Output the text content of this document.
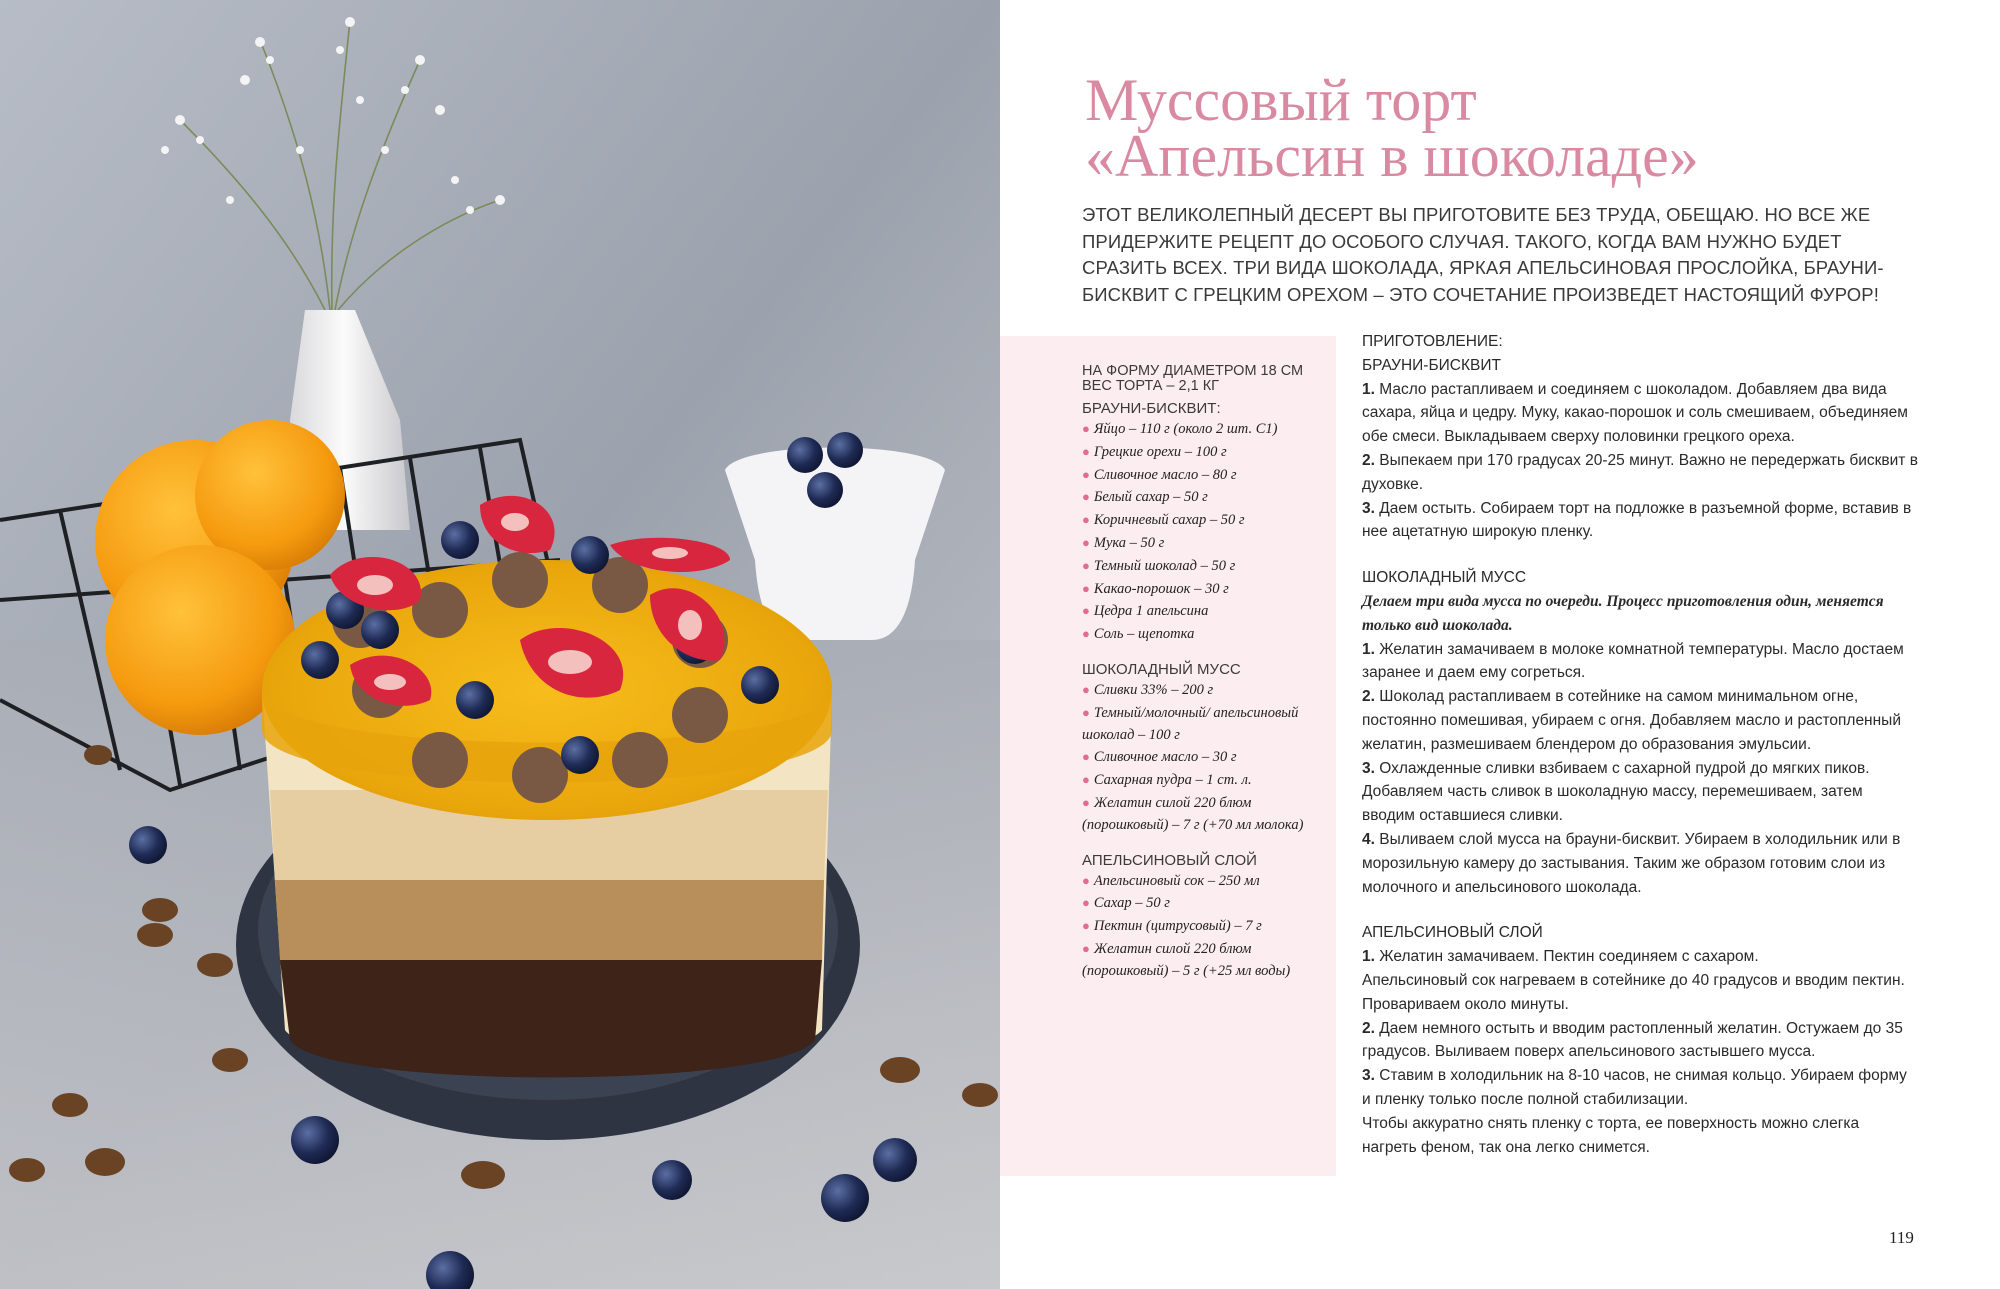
Муссовый торт
«Апельсин в шоколаде»

ЭТОТ ВЕЛИКОЛЕПНЫЙ ДЕСЕРТ ВЫ ПРИГОТОВИТЕ БЕЗ ТРУДА, ОБЕЩАЮ. НО ВСЕ ЖЕ ПРИДЕРЖИТЕ РЕЦЕПТ ДО ОСОБОГО СЛУЧАЯ. ТАКОГО, КОГДА ВАМ НУЖНО БУДЕТ СРАЗИТЬ ВСЕХ. ТРИ ВИДА ШОКОЛАДА, ЯРКАЯ АПЕЛЬСИНОВАЯ ПРОСЛОЙКА, БРАУНИ-БИСКВИТ С ГРЕЦКИМ ОРЕХОМ – ЭТО СОЧЕТАНИЕ ПРОИЗВЕДЕТ НАСТОЯЩИЙ ФУРОР!

НА ФОРМУ ДИАМЕТРОМ 18 СМ

ВЕС ТОРТА – 2,1 КГ

БРАУНИ-БИСКВИТ:

● Яйцо – 110 г (около 2 шт. С1)
● Грецкие орехи – 100 г
● Сливочное масло – 80 г
● Белый сахар – 50 г
● Коричневый сахар – 50 г
● Мука – 50 г
● Темный шоколад – 50 г
● Какао-порошок – 30 г
● Цедра 1 апельсина
● Соль – щепотка

ШОКОЛАДНЫЙ МУСС

● Сливки 33% – 200 г
● Темный/молочный/ апельсиновый шоколад – 100 г
● Сливочное масло – 30 г
● Сахарная пудра – 1 ст. л.
● Желатин силой 220 блюм (порошковый) – 7 г (+70 мл молока)

АПЕЛЬСИНОВЫЙ СЛОЙ

● Апельсиновый сок – 250 мл
● Сахар – 50 г
● Пектин (цитрусовый) – 7 г
● Желатин силой 220 блюм (порошковый) – 5 г (+25 мл воды)

ПРИГОТОВЛЕНИЕ:

БРАУНИ-БИСКВИТ

1. Масло растапливаем и соединяем с шоколадом. Добавляем два вида сахара, яйца и цедру. Муку, какао-порошок и соль смешиваем, объединяем обе смеси. Выкладываем сверху половинки грецкого ореха.

2. Выпекаем при 170 градусах 20-25 минут. Важно не передержать бисквит в духовке.

3. Даем остыть. Собираем торт на подложке в разъемной форме, вставив в нее ацетатную широкую пленку.

ШОКОЛАДНЫЙ МУСС

Делаем три вида мусса по очереди. Процесс приготовления один, меняется только вид шоколада.

1. Желатин замачиваем в молоке комнатной температуры. Масло достаем заранее и даем ему согреться.

2. Шоколад растапливаем в сотейнике на самом минимальном огне, постоянно помешивая, убираем с огня. Добавляем масло и растопленный желатин, размешиваем блендером до образования эмульсии.

3. Охлажденные сливки взбиваем с сахарной пудрой до мягких пиков. Добавляем часть сливок в шоколадную массу, перемешиваем, затем вводим оставшиеся сливки.

4. Выливаем слой мусса на брауни-бисквит. Убираем в холодильник или в морозильную камеру до застывания. Таким же образом готовим слои из молочного и апельсинового шоколада.

АПЕЛЬСИНОВЫЙ СЛОЙ

1. Желатин замачиваем. Пектин соединяем с сахаром.

Апельсиновый сок нагреваем в сотейнике до 40 градусов и вводим пектин. Провариваем около минуты.

2. Даем немного остыть и вводим растопленный желатин. Остужаем до 35 градусов. Выливаем поверх апельсинового застывшего мусса.

3. Ставим в холодильник на 8-10 часов, не снимая кольцо. Убираем форму и пленку только после полной стабилизации.

Чтобы аккуратно снять пленку с торта, ее поверхность можно слегка нагреть феном, так она легко снимется.

119
